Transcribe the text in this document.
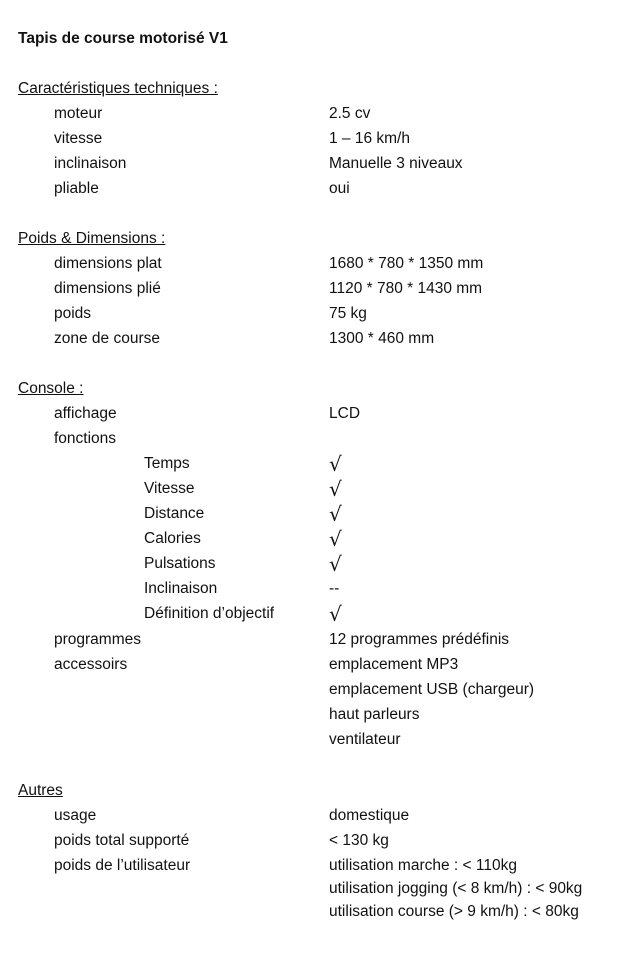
Tapis de course motorisé V1
Caractéristiques techniques :
moteur	2.5 cv
vitesse	1 – 16 km/h
inclinaison	Manuelle 3 niveaux
pliable	oui
Poids & Dimensions :
dimensions plat	1680 * 780 * 1350 mm
dimensions plié	1120 * 780 * 1430 mm
poids	75 kg
zone de course	1300 * 460 mm
Console :
affichage	LCD
fonctions
Temps	√
Vitesse	√
Distance	√
Calories	√
Pulsations	√
Inclinaison	--
Définition d’objectif	√
programmes	12 programmes prédéfinis
accessoirs	emplacement MP3
emplacement USB (chargeur)
haut parleurs
ventilateur
Autres
usage	domestique
poids total supporté	< 130 kg
poids de l’utilisateur	utilisation marche : < 110kg
utilisation jogging (< 8 km/h) : < 90kg
utilisation course (> 9 km/h) : < 80kg
